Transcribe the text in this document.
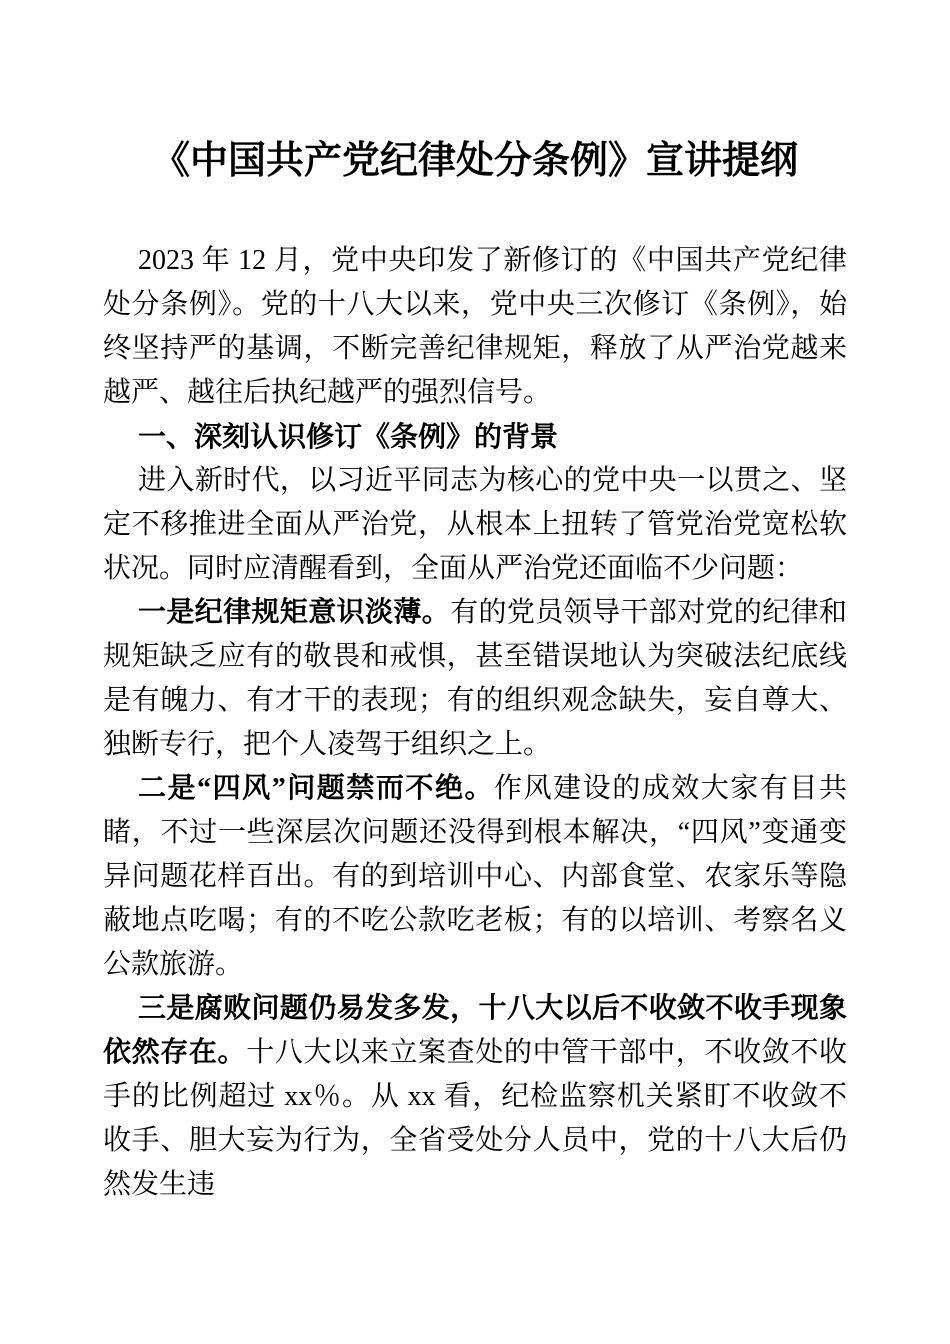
《中国共产党纪律处分条例》宣讲提纲

2023 年 12 月，党中央印发了新修订的《中国共产党纪律处分条例》。党的十八大以来，党中央三次修订《条例》，始终坚持严的基调，不断完善纪律规矩，释放了从严治党越来越严、越往后执纪越严的强烈信号。

一、深刻认识修订《条例》的背景

进入新时代，以习近平同志为核心的党中央一以贯之、坚定不移推进全面从严治党，从根本上扭转了管党治党宽松软状况。同时应清醒看到，全面从严治党还面临不少问题：

一是纪律规矩意识淡薄。有的党员领导干部对党的纪律和规矩缺乏应有的敬畏和戒惧，甚至错误地认为突破法纪底线是有魄力、有才干的表现；有的组织观念缺失，妄自尊大、独断专行，把个人凌驾于组织之上。

二是“四风”问题禁而不绝。作风建设的成效大家有目共睹，不过一些深层次问题还没得到根本解决，“四风”变通变异问题花样百出。有的到培训中心、内部食堂、农家乐等隐蔽地点吃喝；有的不吃公款吃老板；有的以培训、考察名义公款旅游。

三是腐败问题仍易发多发，十八大以后不收敛不收手现象依然存在。十八大以来立案查处的中管干部中，不收敛不收手的比例超过 xx％。从 xx 看，纪检监察机关紧盯不收敛不收手、胆大妄为行为，全省受处分人员中，党的十八大后仍然发生违
